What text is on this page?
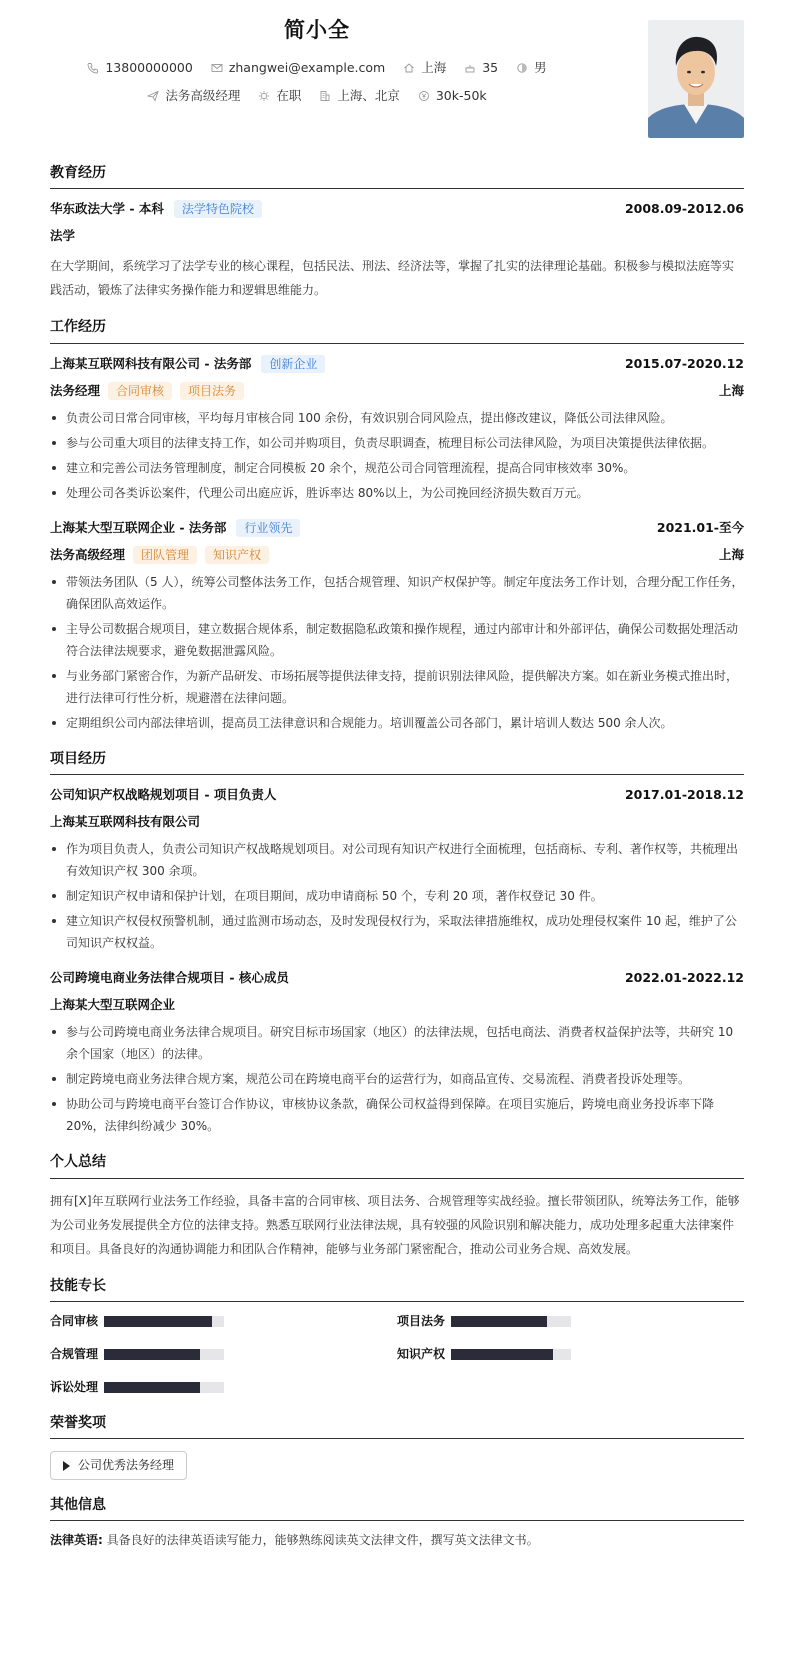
简小全
13800000000	zhangwei@example.com	上海	35	男
法务高级经理	在职	上海、北京	30k-50k
教育经历
华东政法大学 - 本科	法学特色院校	2008.09-2012.06
法学
在大学期间，系统学习了法学专业的核心课程，包括民法、刑法、经济法等，掌握了扎实的法律理论基础。积极参与模拟法庭等实践活动，锻炼了法律实务操作能力和逻辑思维能力。
工作经历
上海某互联网科技有限公司 - 法务部	创新企业	2015.07-2020.12
法务经理	合同审核	项目法务	上海
负责公司日常合同审核，平均每月审核合同 100 余份，有效识别合同风险点，提出修改建议，降低公司法律风险。
参与公司重大项目的法律支持工作，如公司并购项目，负责尽职调查，梳理目标公司法律风险，为项目决策提供法律依据。
建立和完善公司法务管理制度，制定合同模板 20 余个，规范公司合同管理流程，提高合同审核效率 30%。
处理公司各类诉讼案件，代理公司出庭应诉，胜诉率达 80%以上，为公司挽回经济损失数百万元。
上海某大型互联网企业 - 法务部	行业领先	2021.01-至今
法务高级经理	团队管理	知识产权	上海
带领法务团队（5 人），统筹公司整体法务工作，包括合规管理、知识产权保护等。制定年度法务工作计划，合理分配工作任务，确保团队高效运作。
主导公司数据合规项目，建立数据合规体系，制定数据隐私政策和操作规程，通过内部审计和外部评估，确保公司数据处理活动符合法律法规要求，避免数据泄露风险。
与业务部门紧密合作，为新产品研发、市场拓展等提供法律支持，提前识别法律风险，提供解决方案。如在新业务模式推出时，进行法律可行性分析，规避潜在法律问题。
定期组织公司内部法律培训，提高员工法律意识和合规能力。培训覆盖公司各部门，累计培训人数达 500 余人次。
项目经历
公司知识产权战略规划项目 - 项目负责人	2017.01-2018.12
上海某互联网科技有限公司
作为项目负责人，负责公司知识产权战略规划项目。对公司现有知识产权进行全面梳理，包括商标、专利、著作权等，共梳理出有效知识产权 300 余项。
制定知识产权申请和保护计划，在项目期间，成功申请商标 50 个，专利 20 项，著作权登记 30 件。
建立知识产权侵权预警机制，通过监测市场动态，及时发现侵权行为，采取法律措施维权，成功处理侵权案件 10 起，维护了公司知识产权权益。
公司跨境电商业务法律合规项目 - 核心成员	2022.01-2022.12
上海某大型互联网企业
参与公司跨境电商业务法律合规项目。研究目标市场国家（地区）的法律法规，包括电商法、消费者权益保护法等，共研究 10 余个国家（地区）的法律。
制定跨境电商业务法律合规方案，规范公司在跨境电商平台的运营行为，如商品宣传、交易流程、消费者投诉处理等。
协助公司与跨境电商平台签订合作协议，审核协议条款，确保公司权益得到保障。在项目实施后，跨境电商业务投诉率下降 20%，法律纠纷减少 30%。
个人总结
拥有[X]年互联网行业法务工作经验，具备丰富的合同审核、项目法务、合规管理等实战经验。擅长带领团队，统筹法务工作，能够为公司业务发展提供全方位的法律支持。熟悉互联网行业法律法规，具有较强的风险识别和解决能力，成功处理多起重大法律案件和项目。具备良好的沟通协调能力和团队合作精神，能够与业务部门紧密配合，推动公司业务合规、高效发展。
技能专长
合同审核	项目法务
合规管理	知识产权
诉讼处理
荣誉奖项
公司优秀法务经理
其他信息
法律英语: 具备良好的法律英语读写能力，能够熟练阅读英文法律文件，撰写英文法律文书。
